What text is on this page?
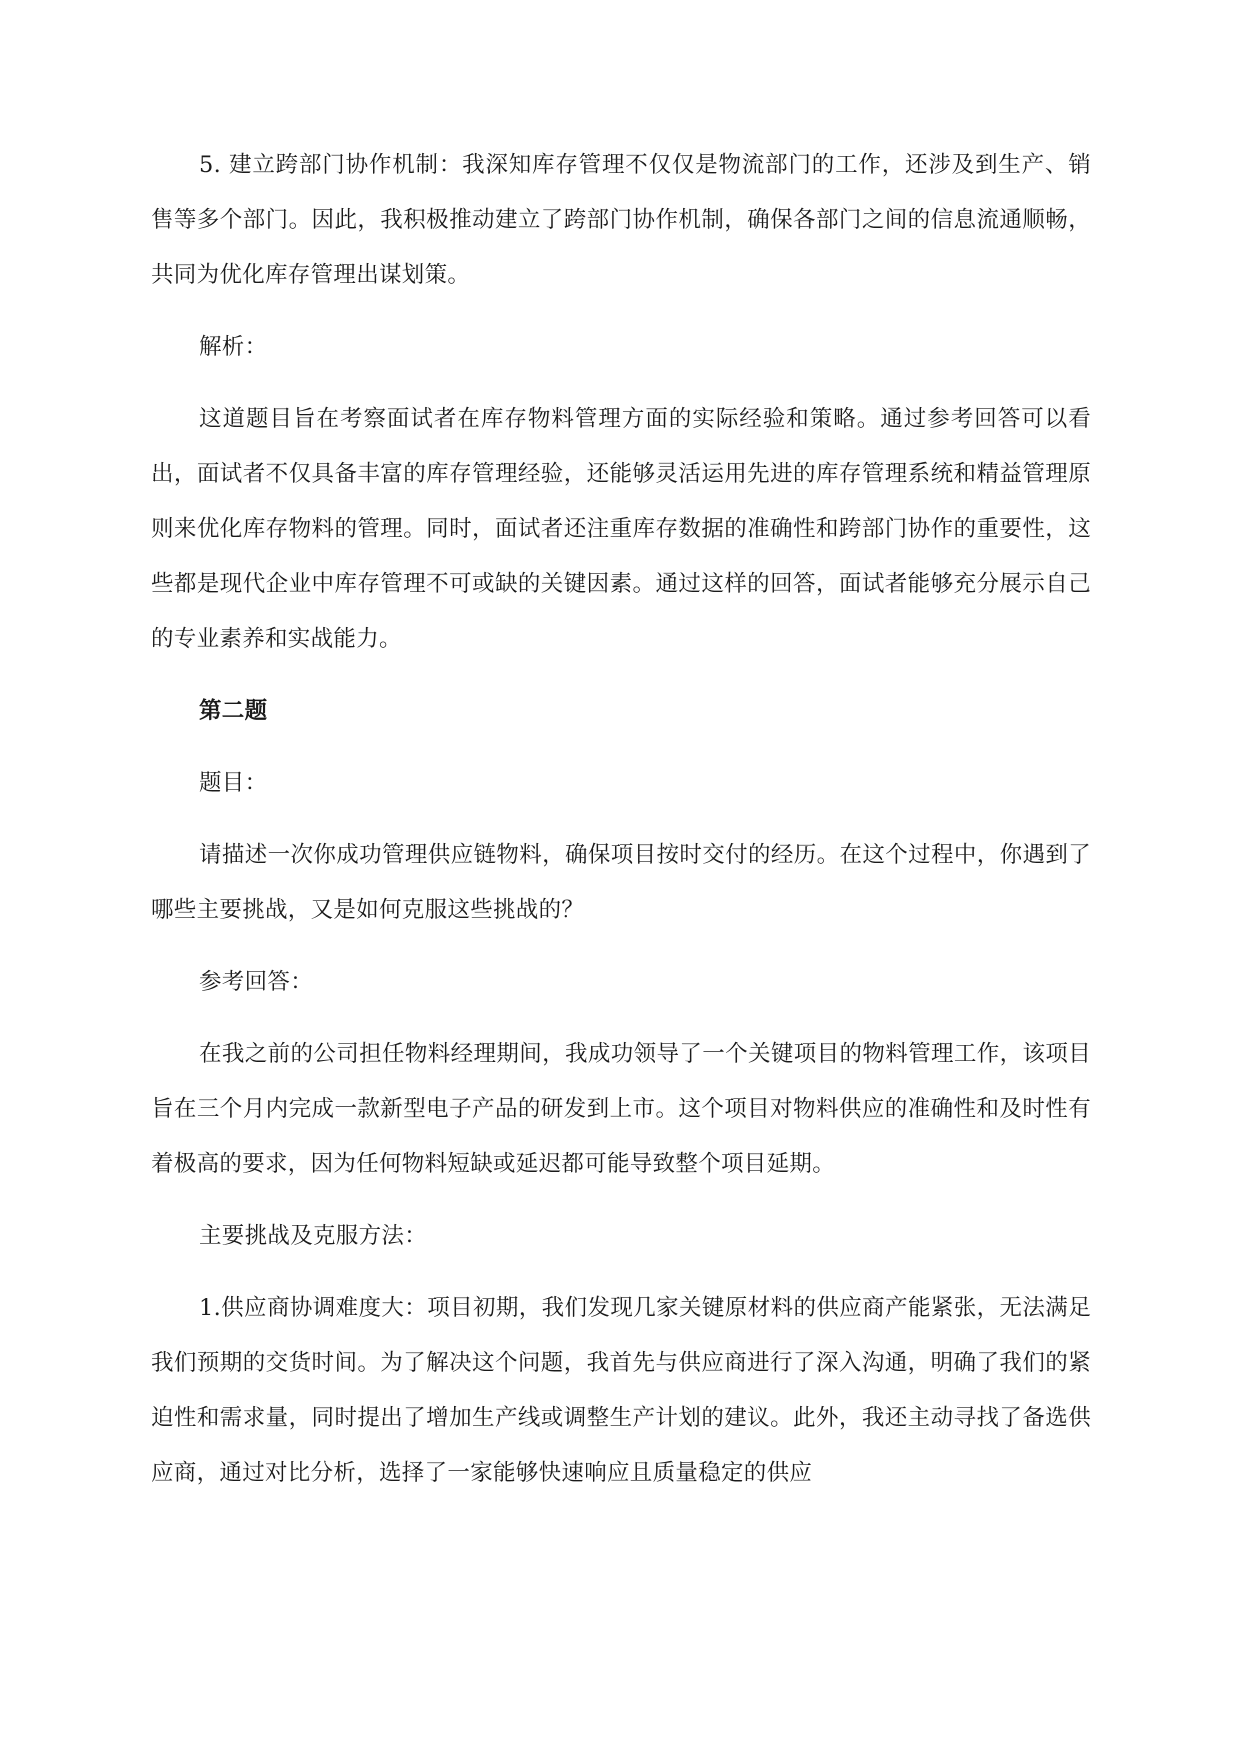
5. 建立跨部门协作机制：我深知库存管理不仅仅是物流部门的工作，还涉及到生产、销售等多个部门。因此，我积极推动建立了跨部门协作机制，确保各部门之间的信息流通顺畅，共同为优化库存管理出谋划策。

解析：

这道题目旨在考察面试者在库存物料管理方面的实际经验和策略。通过参考回答可以看出，面试者不仅具备丰富的库存管理经验，还能够灵活运用先进的库存管理系统和精益管理原则来优化库存物料的管理。同时，面试者还注重库存数据的准确性和跨部门协作的重要性，这些都是现代企业中库存管理不可或缺的关键因素。通过这样的回答，面试者能够充分展示自己的专业素养和实战能力。

第二题

题目：

请描述一次你成功管理供应链物料，确保项目按时交付的经历。在这个过程中，你遇到了哪些主要挑战，又是如何克服这些挑战的？

参考回答：

在我之前的公司担任物料经理期间，我成功领导了一个关键项目的物料管理工作，该项目旨在三个月内完成一款新型电子产品的研发到上市。这个项目对物料供应的准确性和及时性有着极高的要求，因为任何物料短缺或延迟都可能导致整个项目延期。

主要挑战及克服方法：

1.供应商协调难度大：项目初期，我们发现几家关键原材料的供应商产能紧张，无法满足我们预期的交货时间。为了解决这个问题，我首先与供应商进行了深入沟通，明确了我们的紧迫性和需求量，同时提出了增加生产线或调整生产计划的建议。此外，我还主动寻找了备选供应商，通过对比分析，选择了一家能够快速响应且质量稳定的供应
